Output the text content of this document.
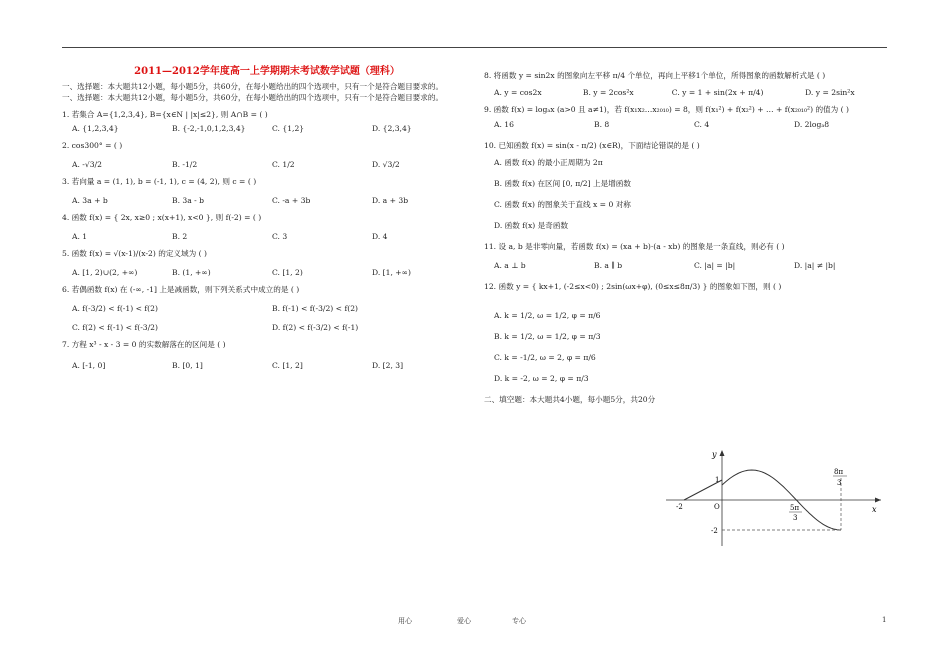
2011—2012学年度高一上学期期末考试数学试题（理科）

一、选择题：本大题共12小题，每小题5分，共60分，在每小题给出的四个选项中，只有一个是符合题目要求的。

一、选择题：本大题共12小题，每小题5分，共60分，在每小题给出的四个选项中，只有一个是符合题目要求的。

1. 若集合 A={1,2,3,4}, B={x∈N | |x|≤2}, 则 A∩B = ( )
A. {1,2,3,4}	B. {-2,-1,0,1,2,3,4}	C. {1,2}	D. {2,3,4}
2. cos300° = ( )
A. -√3/2	B. -1/2	C. 1/2	D. √3/2
3. 若向量 a = (1, 1), b = (-1, 1), c = (4, 2), 则 c = ( )
A. 3a + b	B. 3a - b	C. -a + 3b	D. a + 3b
4. 函数 f(x) = { 2x, x≥0 ; x(x+1), x<0 }, 则 f(-2) = ( )
A. 1	B. 2	C. 3	D. 4
5. 函数 f(x) = √(x-1)/(x-2) 的定义域为 ( )
A. [1, 2)∪(2, +∞)	B. (1, +∞)	C. [1, 2)	D. [1, +∞)
6. 若偶函数 f(x) 在 (-∞, -1] 上是减函数，则下列关系式中成立的是 ( )
A. f(-3/2) < f(-1) < f(2)	B. f(-1) < f(-3/2) < f(2)
C. f(2) < f(-1) < f(-3/2)	D. f(2) < f(-3/2) < f(-1)
7. 方程 x³ - x - 3 = 0 的实数解落在的区间是 ( )
A. [-1, 0]	B. [0, 1]	C. [1, 2]	D. [2, 3]
8. 将函数 y = sin2x 的图象向左平移 π/4 个单位，再向上平移1个单位，所得图象的函数解析式是 ( )
A. y = cos2x	B. y = 2cos²x	C. y = 1 + sin(2x + π/4)	D. y = 2sin²x
9. 函数 f(x) = logₐx (a>0 且 a≠1)，若 f(x₁x₂…x₂₀₁₀) = 8，则 f(x₁²) + f(x₂²) + … + f(x₂₀₁₀²) 的值为 ( )
A. 16	B. 8	C. 4	D. 2logₐ8
10. 已知函数 f(x) = sin(x - π/2) (x∈R)，下面结论错误的是 ( )
A. 函数 f(x) 的最小正周期为 2π
B. 函数 f(x) 在区间 [0, π/2] 上是增函数
C. 函数 f(x) 的图象关于直线 x = 0 对称
D. 函数 f(x) 是奇函数
11. 设 a, b 是非零向量，若函数 f(x) = (xa + b)·(a - xb) 的图象是一条直线，则必有 ( )
A. a ⊥ b	B. a ∥ b	C. |a| = |b|	D. |a| ≠ |b|
12. 函数 y = { kx+1, (-2≤x<0) ; 2sin(ωx+φ), (0≤x≤8π/3) } 的图象如下图，则 ( )
A. k = 1/2, ω = 1/2, φ = π/6
B. k = 1/2, ω = 1/2, φ = π/3
C. k = -1/2, ω = 2, φ = π/6
D. k = -2, ω = 2, φ = π/3
二、填空题：本大题共4小题，每小题5分，共20分
y
x
O
-2
1
-2
5π
3
8π
3
用心	爱心	专心	1
